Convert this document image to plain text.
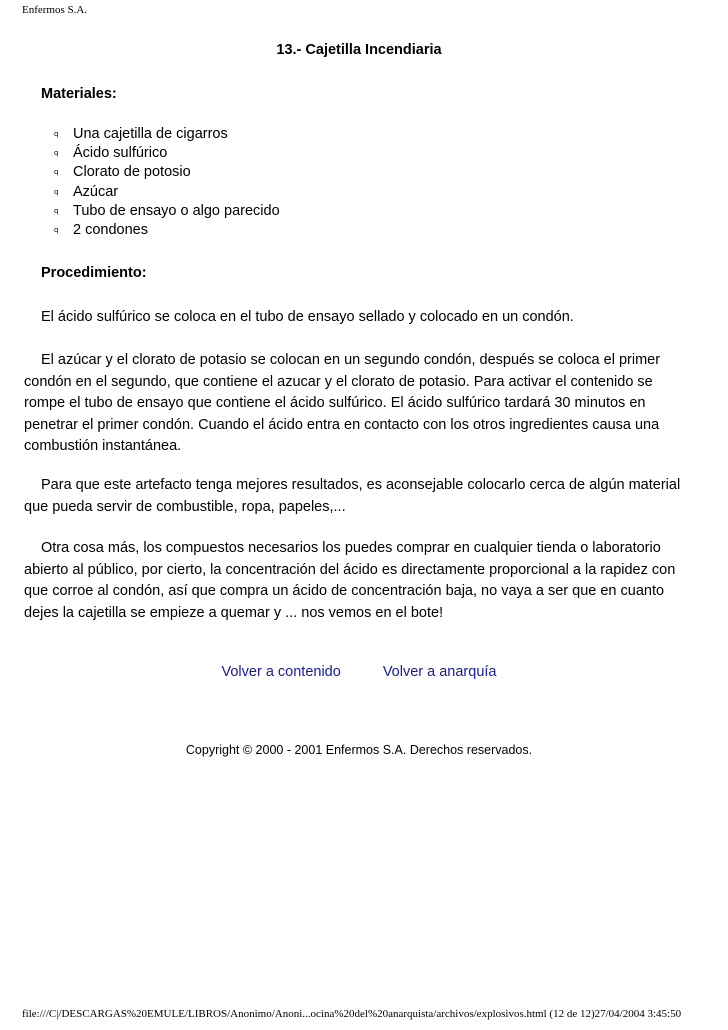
Enfermos S.A.
13.- Cajetilla Incendiaria
Materiales:
q	Una cajetilla de cigarros
q	Ácido sulfúrico
q	Clorato de potosio
q	Azúcar
q	Tubo de ensayo o algo parecido
q	2 condones
Procedimiento:

El ácido sulfúrico se coloca en el tubo de ensayo sellado y colocado en un condón.

El azúcar y el clorato de potasio se colocan en un segundo condón, después se coloca el primer condón en el segundo, que contiene el azucar y el clorato de potasio. Para activar el contenido se rompe el tubo de ensayo que contiene el ácido sulfúrico. El ácido sulfúrico tardará 30 minutos en penetrar el primer condón. Cuando el ácido entra en contacto con los otros ingredientes causa una combustión instantánea.

Para que este artefacto tenga mejores resultados, es aconsejable colocarlo cerca de algún material que pueda servir de combustible, ropa, papeles,...

Otra cosa más, los compuestos necesarios los puedes comprar en cualquier tienda o laboratorio abierto al público, por cierto, la concentración del ácido es directamente proporcional a la rapidez con que corroe al condón, así que compra un ácido de concentración baja, no vaya a ser que en cuanto dejes la cajetilla se empieze a quemar y ... nos vemos en el bote!

Volver a contenido	Volver a anarquía
Copyright © 2000 - 2001 Enfermos S.A. Derechos reservados.
file:///C|/DESCARGAS%20EMULE/LIBROS/Anonimo/Anoni...ocina%20del%20anarquista/archivos/explosivos.html (12 de 12)27/04/2004 3:45:50
